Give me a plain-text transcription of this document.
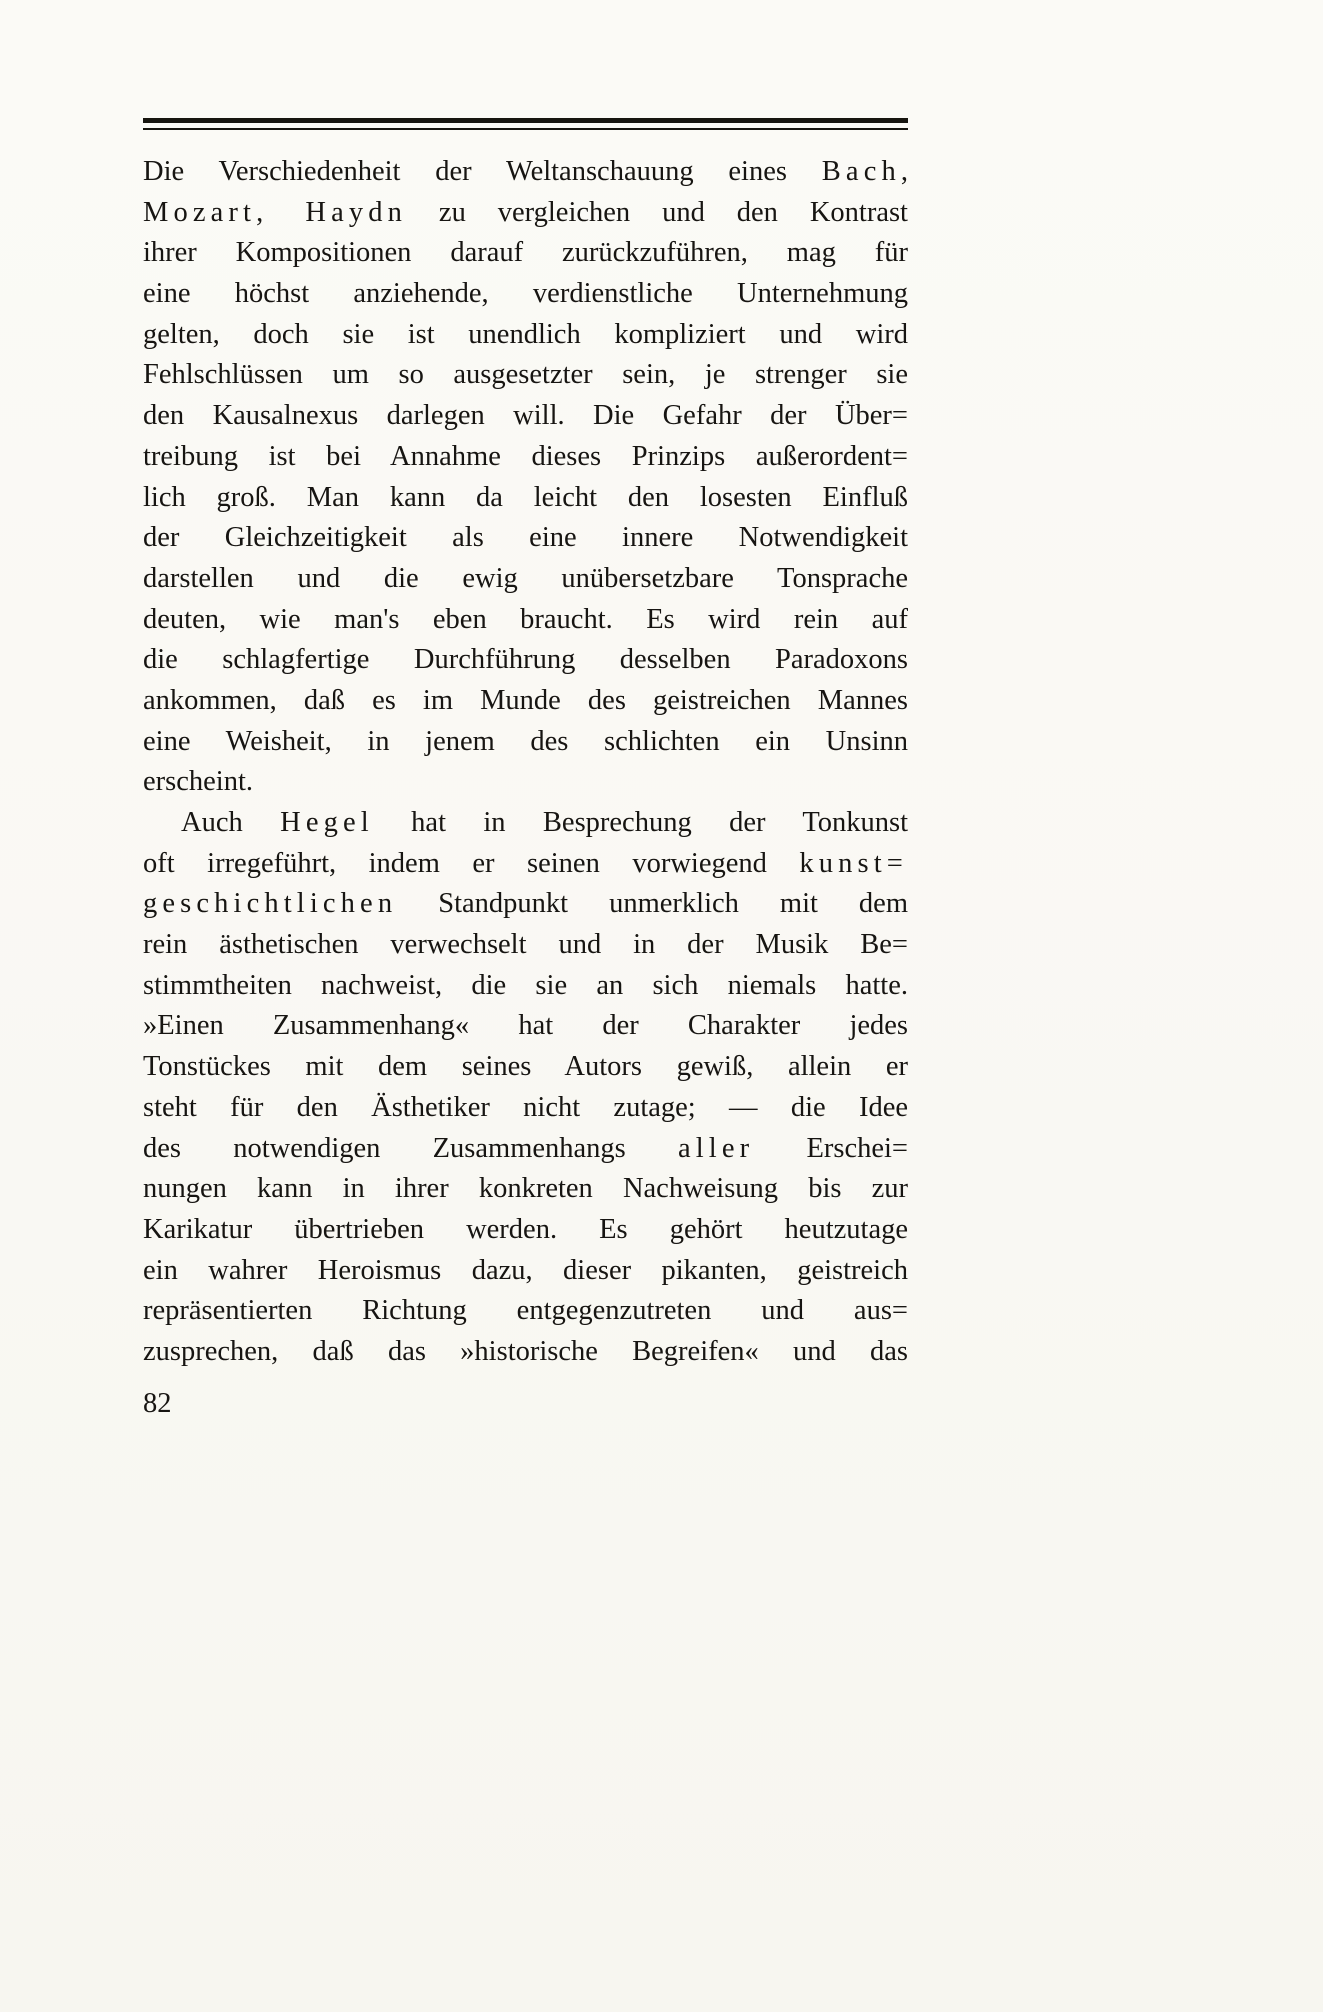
Die Verschiedenheit der Weltanschauung eines Bach,
Mozart, Haydn zu vergleichen und den Kontrast
ihrer Kompositionen darauf zurückzuführen, mag für
eine höchst anziehende, verdienstliche Unternehmung
gelten, doch sie ist unendlich kompliziert und wird
Fehlschlüssen um so ausgesetzter sein, je strenger sie
den Kausalnexus darlegen will. Die Gefahr der Über=
treibung ist bei Annahme dieses Prinzips außerordent=
lich groß. Man kann da leicht den losesten Einfluß
der Gleichzeitigkeit als eine innere Notwendigkeit
darstellen und die ewig unübersetzbare Tonsprache
deuten, wie man's eben braucht. Es wird rein auf
die schlagfertige Durchführung desselben Paradoxons
ankommen, daß es im Munde des geistreichen Mannes
eine Weisheit, in jenem des schlichten ein Unsinn
erscheint.
Auch Hegel hat in Besprechung der Tonkunst
oft irregeführt, indem er seinen vorwiegend kunst=
geschichtlichen Standpunkt unmerklich mit dem
rein ästhetischen verwechselt und in der Musik Be=
stimmtheiten nachweist, die sie an sich niemals hatte.
»Einen Zusammenhang« hat der Charakter jedes
Tonstückes mit dem seines Autors gewiß, allein er
steht für den Ästhetiker nicht zutage; — die Idee
des notwendigen Zusammenhangs aller Erschei=
nungen kann in ihrer konkreten Nachweisung bis zur
Karikatur übertrieben werden. Es gehört heutzutage
ein wahrer Heroismus dazu, dieser pikanten, geistreich
repräsentierten Richtung entgegenzutreten und aus=
zusprechen, daß das »historische Begreifen« und das
82
